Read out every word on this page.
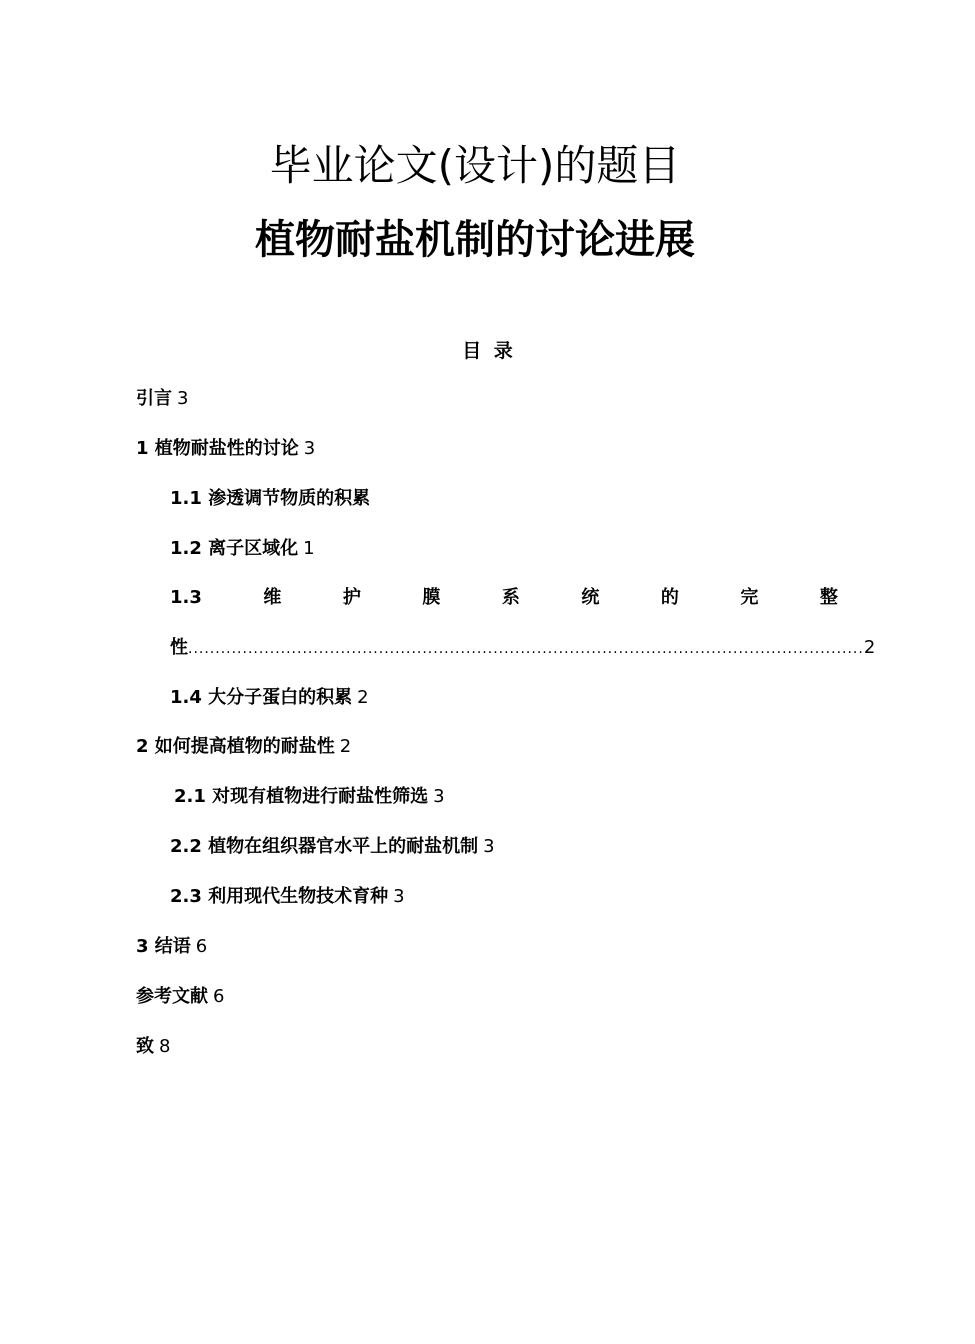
毕业论文(设计)的题目
植物耐盐机制的讨论进展
目 录
引言 3
1 植物耐盐性的讨论 3
1.1 渗透调节物质的积累
1.2 离子区域化 1
1.3	维	护	膜	系	统	的	完	整
性 ............................................................................................................................ 2
1.4 大分子蛋白的积累 2
2 如何提高植物的耐盐性 2
2.1 对现有植物进行耐盐性筛选 3
2.2 植物在组织器官水平上的耐盐机制 3
2.3 利用现代生物技术育种 3
3 结语 6
参考文献 6
致 8
